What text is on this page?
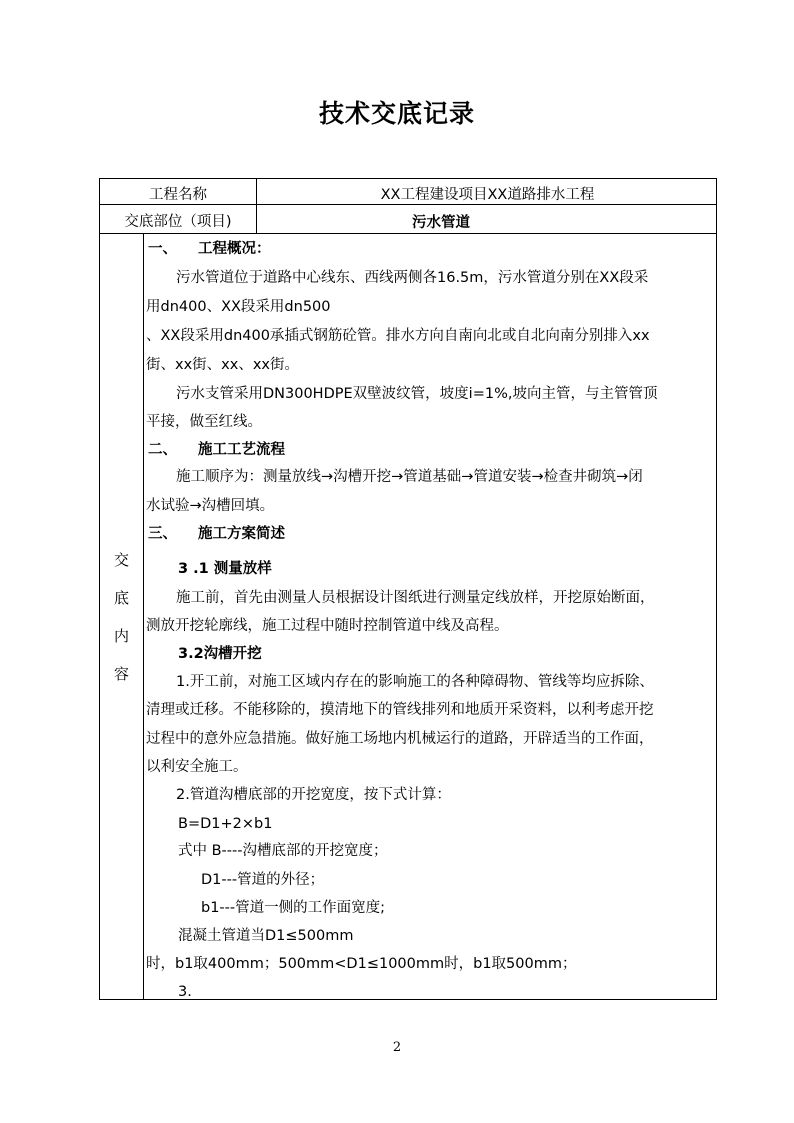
技术交底记录
工程名称	XX工程建设项目XX道路排水工程
交底部位（项目)	污水管道
交
底
内
容
一、 工程概况：
污水管道位于道路中心线东、西线两侧各16.5m，污水管道分别在XX段采
用dn400、XX段采用dn500
、XX段采用dn400承插式钢筋砼管。排水方向自南向北或自北向南分别排入xx
街、xx街、xx、xx街。
污水支管采用DN300HDPE双壁波纹管，坡度i=1%,坡向主管，与主管管顶
平接，做至红线。
二、 施工工艺流程
施工顺序为：测量放线→沟槽开挖→管道基础→管道安装→检查井砌筑→闭
水试验→沟槽回填。
三、 施工方案简述
3 .1 测量放样
施工前，首先由测量人员根据设计图纸进行测量定线放样，开挖原始断面，
测放开挖轮廓线，施工过程中随时控制管道中线及高程。
3.2沟槽开挖
1.开工前，对施工区域内存在的影响施工的各种障碍物、管线等均应拆除、
清理或迁移。不能移除的，摸清地下的管线排列和地质开采资料，以利考虑开挖
过程中的意外应急措施。做好施工场地内机械运行的道路，开辟适当的工作面，
以利安全施工。
2.管道沟槽底部的开挖宽度，按下式计算：
B=D1+2×b1
式中 B----沟槽底部的开挖宽度；
D1---管道的外径；
b1---管道一侧的工作面宽度;
混凝土管道当D1≤500mm
时，b1取400mm；500mm<D1≤1000mm时，b1取500mm；
3.
2
